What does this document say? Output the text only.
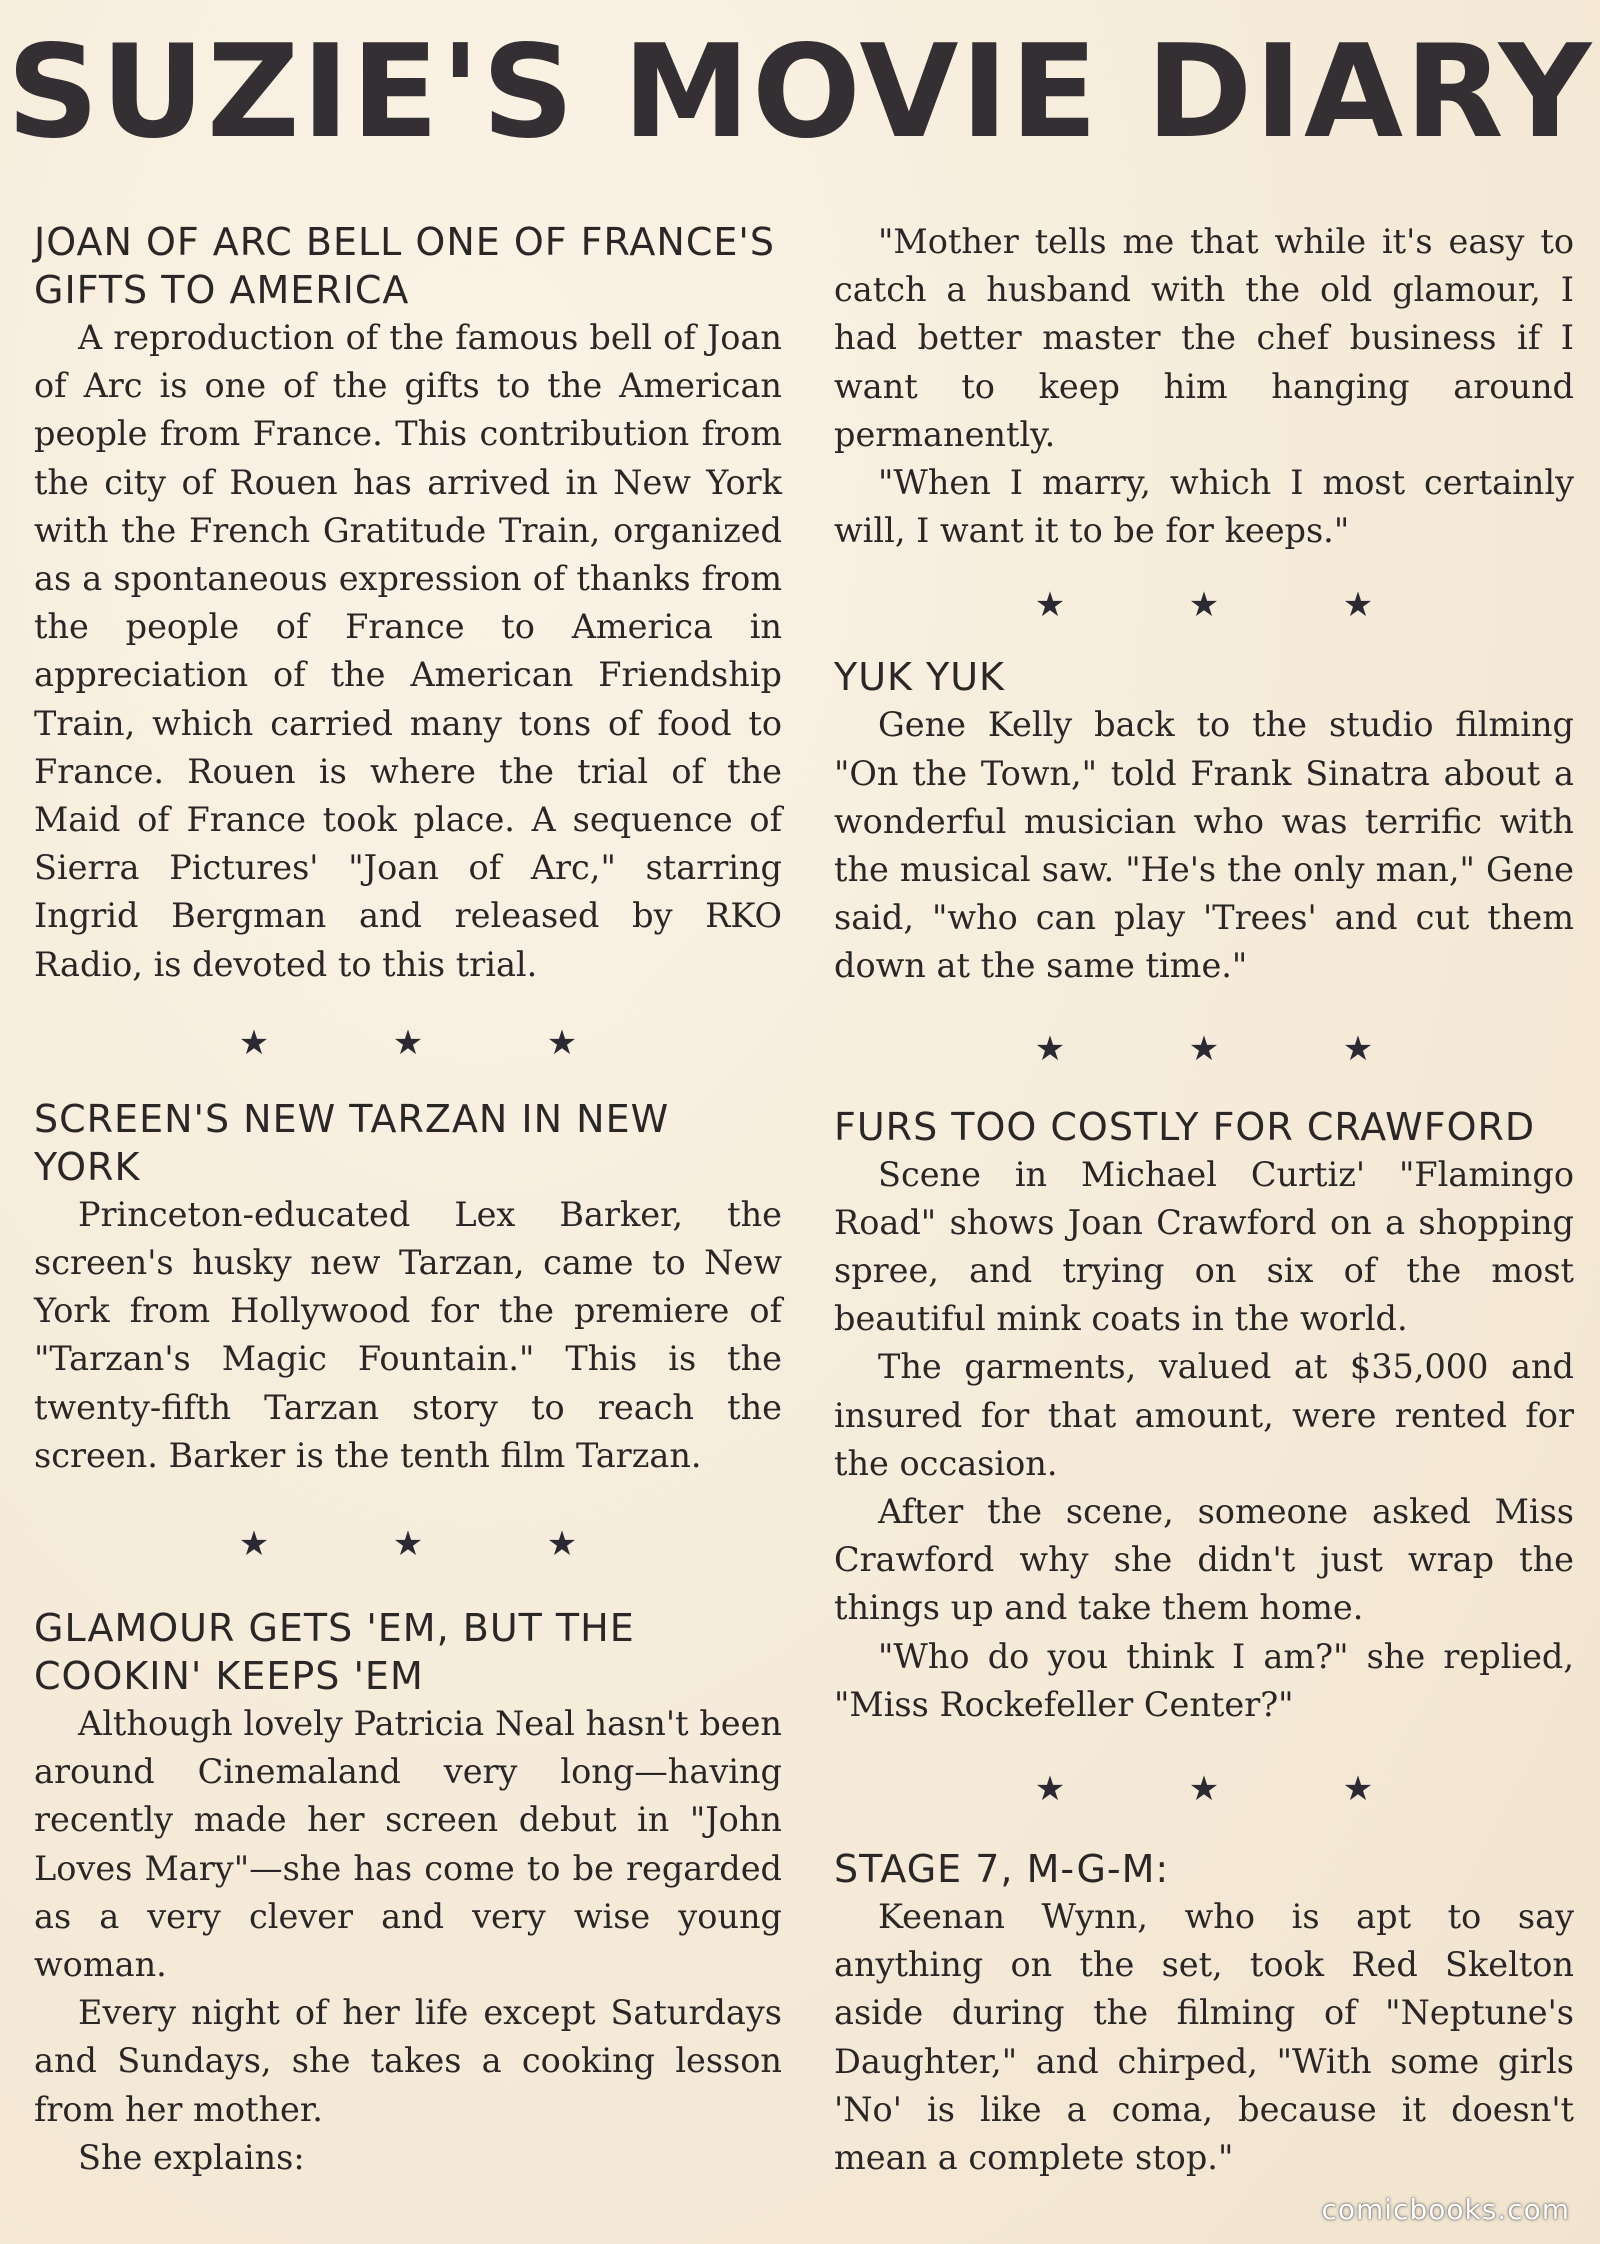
SUZIE'S MOVIE DIARY
JOAN OF ARC BELL ONE OF FRANCE'S GIFTS TO AMERICA

A reproduction of the famous bell of Joan of Arc is one of the gifts to the American people from France. This contribution from the city of Rouen has arrived in New York with the French Gratitude Train, organized as a spontaneous expression of thanks from the people of France to America in appreciation of the American Friendship Train, which carried many tons of food to France. Rouen is where the trial of the Maid of France took place. A sequence of Sierra Pictures' "Joan of Arc," starring Ingrid Bergman and released by RKO Radio, is devoted to this trial.

★	★	★
SCREEN'S NEW TARZAN IN NEW YORK

Princeton-educated Lex Barker, the screen's husky new Tarzan, came to New York from Hollywood for the premiere of "Tarzan's Magic Fountain." This is the twenty-fifth Tarzan story to reach the screen. Barker is the tenth film Tarzan.

★	★	★
GLAMOUR GETS 'EM, BUT THE COOKIN' KEEPS 'EM

Although lovely Patricia Neal hasn't been around Cinemaland very long—having recently made her screen debut in "John Loves Mary"—she has come to be regarded as a very clever and very wise young woman.

Every night of her life except Saturdays and Sundays, she takes a cooking lesson from her mother.

She explains:

"Mother tells me that while it's easy to catch a husband with the old glamour, I had better master the chef business if I want to keep him hanging around permanently.

"When I marry, which I most certainly will, I want it to be for keeps."

★	★	★
YUK YUK

Gene Kelly back to the studio filming "On the Town," told Frank Sinatra about a wonderful musician who was terrific with the musical saw. "He's the only man," Gene said, "who can play 'Trees' and cut them down at the same time."

★	★	★
FURS TOO COSTLY FOR CRAWFORD

Scene in Michael Curtiz' "Flamingo Road" shows Joan Crawford on a shopping spree, and trying on six of the most beautiful mink coats in the world.

The garments, valued at $35,000 and insured for that amount, were rented for the occasion.

After the scene, someone asked Miss Crawford why she didn't just wrap the things up and take them home.

"Who do you think I am?" she replied, "Miss Rockefeller Center?"

★	★	★
STAGE 7, M-G-M:

Keenan Wynn, who is apt to say anything on the set, took Red Skelton aside during the filming of "Neptune's Daughter," and chirped, "With some girls 'No' is like a coma, because it doesn't mean a complete stop."

comicbooks.com
